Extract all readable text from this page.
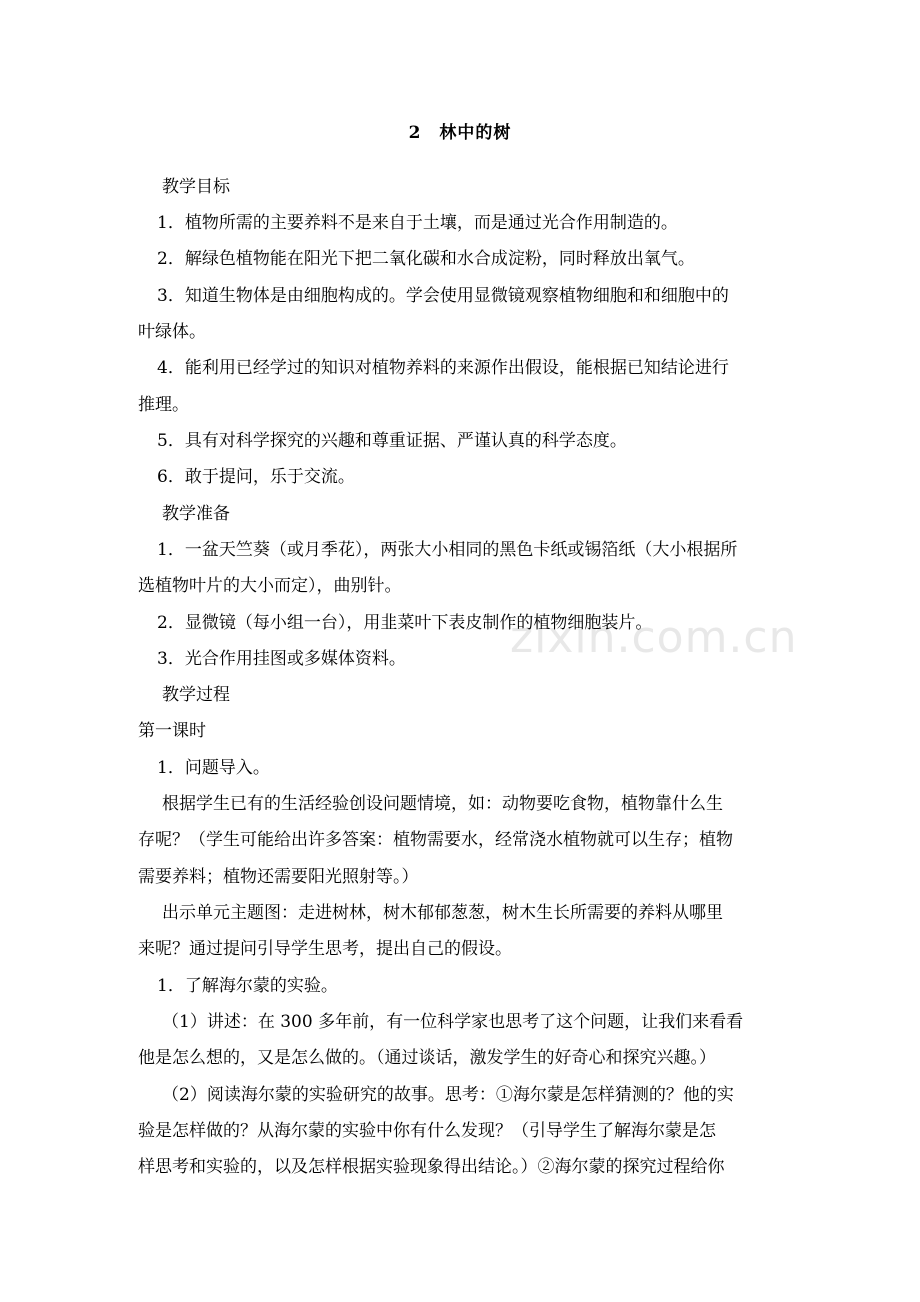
zixin.com.cn
2　林中的树
教学目标
1．植物所需的主要养料不是来自于土壤，而是通过光合作用制造的。
2．解绿色植物能在阳光下把二氧化碳和水合成淀粉，同时释放出氧气。
3．知道生物体是由细胞构成的。学会使用显微镜观察植物细胞和和细胞中的
叶绿体。
4．能利用已经学过的知识对植物养料的来源作出假设，能根据已知结论进行
推理。
5．具有对科学探究的兴趣和尊重证据、严谨认真的科学态度。
6．敢于提问，乐于交流。
教学准备
1．一盆天竺葵（或月季花），两张大小相同的黑色卡纸或锡箔纸（大小根据所
选植物叶片的大小而定），曲别针。
2．显微镜（每小组一台），用韭菜叶下表皮制作的植物细胞装片。
3．光合作用挂图或多媒体资料。
教学过程
第一课时
1．问题导入。
根据学生已有的生活经验创设问题情境，如：动物要吃食物，植物靠什么生
存呢？（学生可能给出许多答案：植物需要水，经常浇水植物就可以生存；植物
需要养料；植物还需要阳光照射等。）
出示单元主题图：走进树林，树木郁郁葱葱，树木生长所需要的养料从哪里
来呢？通过提问引导学生思考，提出自己的假设。
1．了解海尔蒙的实验。
（1）讲述：在 300 多年前，有一位科学家也思考了这个问题，让我们来看看
他是怎么想的，又是怎么做的。（通过谈话，激发学生的好奇心和探究兴趣。）
（2）阅读海尔蒙的实验研究的故事。思考：①海尔蒙是怎样猜测的？他的实
验是怎样做的？从海尔蒙的实验中你有什么发现？（引导学生了解海尔蒙是怎
样思考和实验的，以及怎样根据实验现象得出结论。）②海尔蒙的探究过程给你
